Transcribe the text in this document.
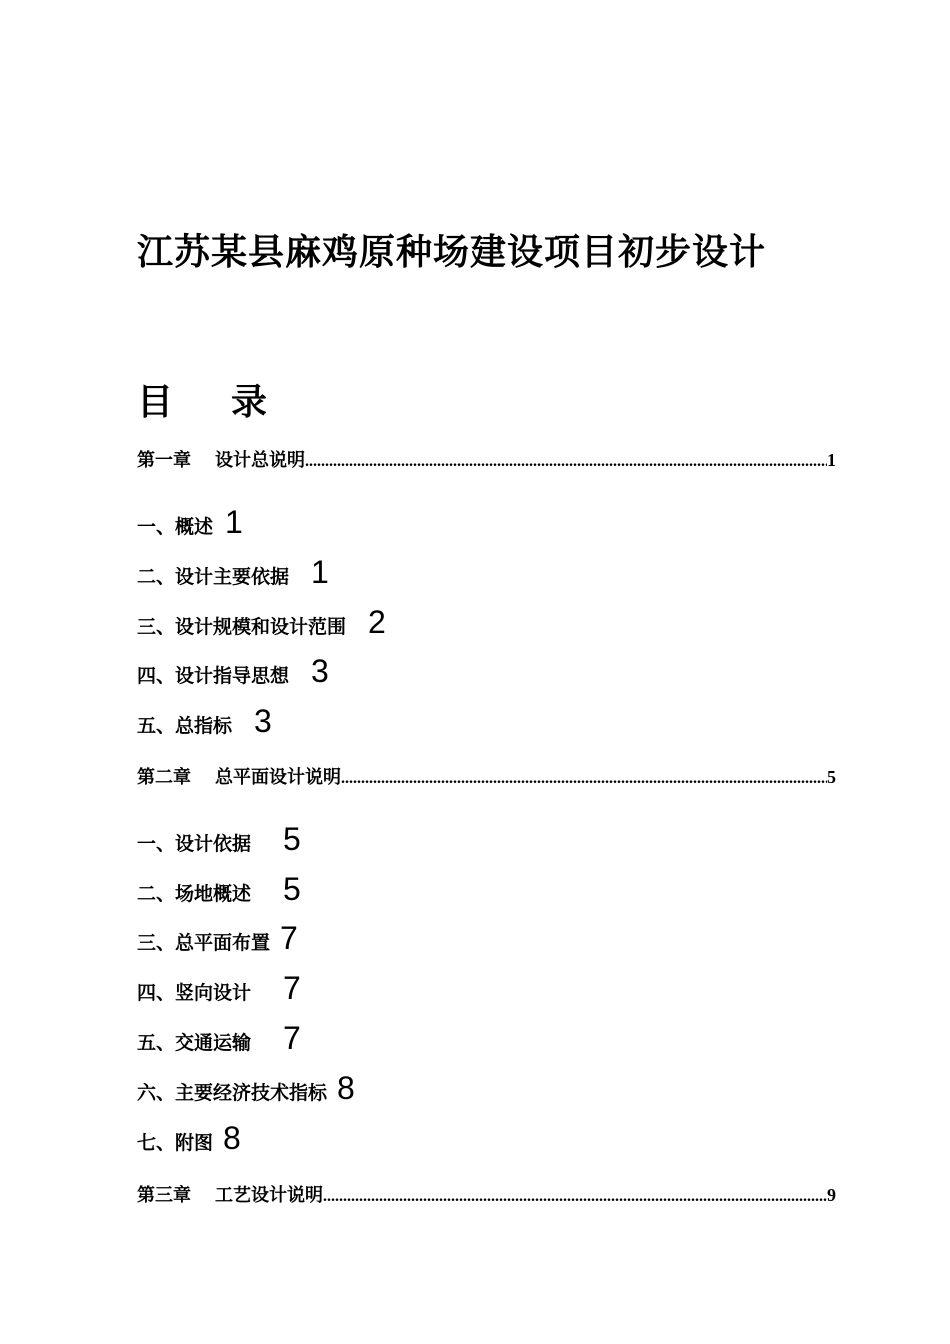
江苏某县麻鸡原种场建设项目初步设计
目 录
第一章 设计总说明 .....	1
一、概述 1
二、设计主要依据 1
三、设计规模和设计范围 2
四、设计指导思想 3
五、总指标 3
第二章 总平面设计说明 .....	5
一、设计依据 5
二、场地概述 5
三、总平面布置 7
四、竖向设计 7
五、交通运输 7
六、主要经济技术指标 8
七、附图 8
第三章 工艺设计说明 .....	9
